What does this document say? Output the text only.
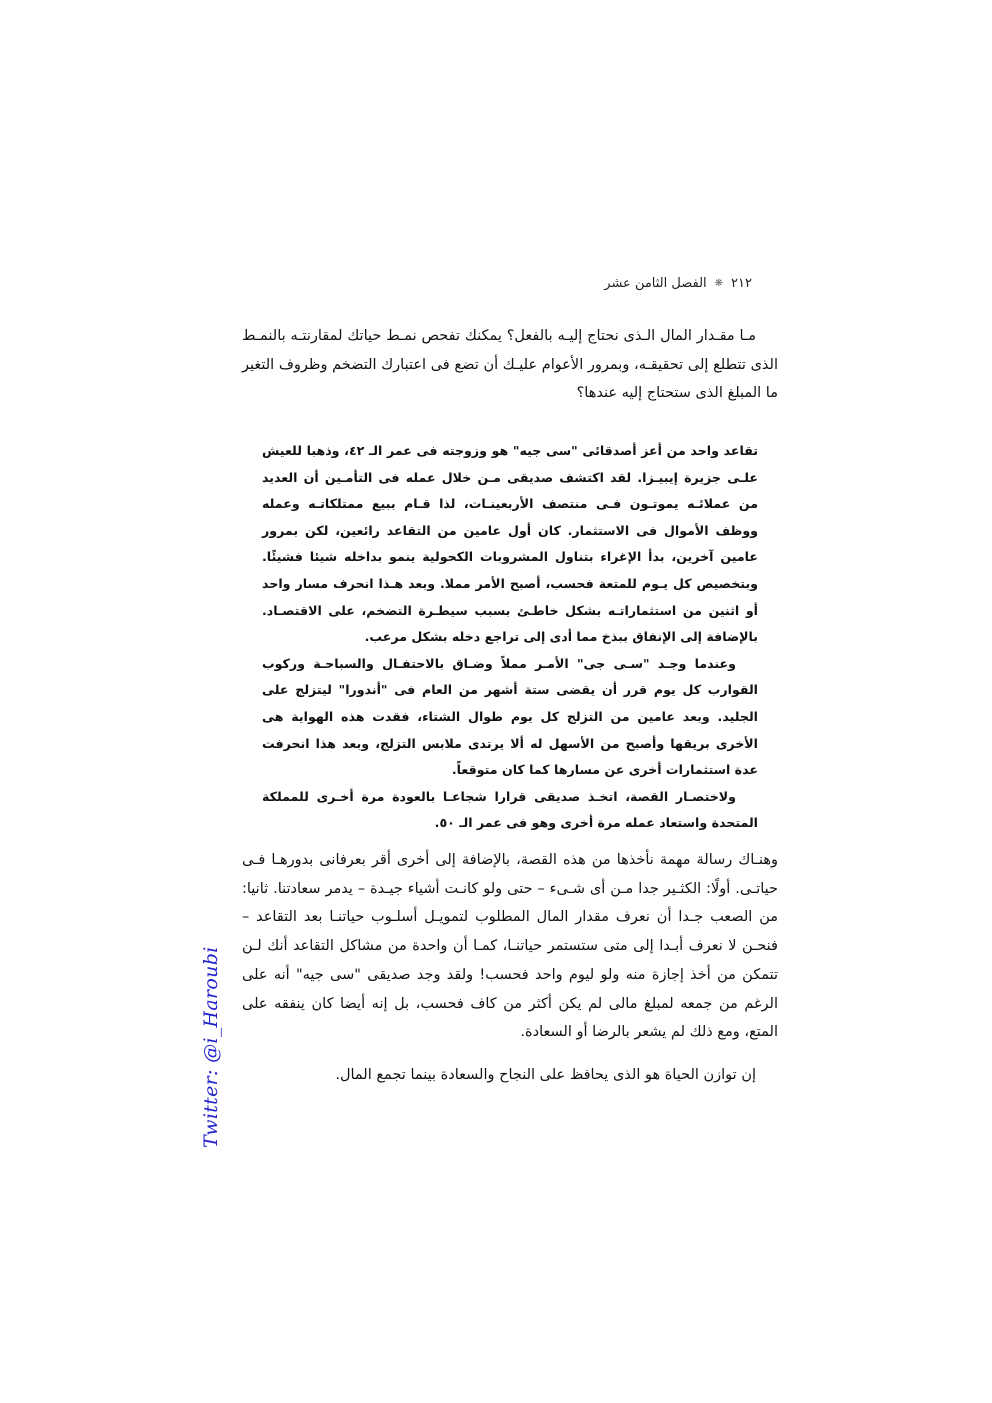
٢١٢
❋
الفصل الثامن عشر

مـا مقـدار المال الـذى نحتاج إليـه بالفعل؟ يمكنك تفحص نمـط حياتك لمقارنتـه بالنمـط الذى تتطلع إلى تحقيقـه، وبمرور الأعوام عليـك أن تضع فى اعتبارك التضخم وظروف التغير ما المبلغ الذى ستحتاج إليه عندها؟

تقاعد واحد من أعز أصدقائى "سى جيه" هو وزوجته فى عمر الـ ٤٢، وذهبا للعيش علـى جزيرة إيبيـزا. لقد اكتشف صديقى مـن خلال عمله فى التأمـين أن العديد من عملائـه يموتـون فـى منتصف الأربعينـات، لذا قـام ببيع ممتلكاتـه وعمله ووظف الأموال فى الاستثمار. كان أول عامين من التقاعد رائعين، لكن بمرور عامين آخرين، بدأ الإغراء بتناول المشروبات الكحولية ينمو بداخله شيئا فشيئًا. وبتخصيص كل يـوم للمتعة فحسب، أصبح الأمر مملا. وبعد هـذا انحرف مسار واحد أو اثنين من استثماراتـه بشكل خاطـئ بسبب سيطـرة التضخم، على الاقتصـاد. بالإضافة إلى الإنفاق ببذخ مما أدى إلى تراجع دخله بشكل مرعب.

وعندما وجـد "سـى جى" الأمـر مملاً وضـاق بالاحتفـال والسباحـة وركوب القوارب كل يوم قرر أن يقضى ستة أشهر من العام فى "أندورا" ليتزلج على الجليد. وبعد عامين من التزلج كل يوم طوال الشتاء، فقدت هذه الهواية هى الأخرى بريقها وأصبح من الأسهل له ألا يرتدى ملابس التزلج، وبعد هذا انحرفت عدة استثمارات أخرى عن مسارها كما كان متوقعاً.

ولاختصـار القصة، اتخـذ صديقى قرارا شجاعـا بالعودة مرة أخـرى للمملكة المتحدة واستعاد عمله مرة أخرى وهو فى عمر الـ ٥٠.

وهنـاك رسالة مهمة نأخذها من هذه القصة، بالإضافة إلى أخرى أقر بعرفانى بدورهـا فـى حياتـى. أولًا: الكثـير جدا مـن أى شـىء – حتى ولو كانـت أشياء جيـدة – يدمر سعادتنا. ثانيا: من الصعب جـدا أن نعرف مقدار المال المطلوب لتمويـل أسلـوب حياتنـا بعد التقاعد – فنحـن لا نعرف أبـدا إلى متى ستستمر حياتنـا، كمـا أن واحدة من مشاكل التقاعد أنك لـن تتمكن من أخذ إجازة منه ولو ليوم واحد فحسب! ولقد وجد صديقى "سى جيه" أنه على الرغم من جمعه لمبلغ مالى لم يكن أكثر من كاف فحسب، بل إنه أيضا كان ينفقه على المتع، ومع ذلك لم يشعر بالرضا أو السعادة.

إن توازن الحياة هو الذى يحافظ على النجاح والسعادة بينما تجمع المال.

Twitter: @i_Haroubi
